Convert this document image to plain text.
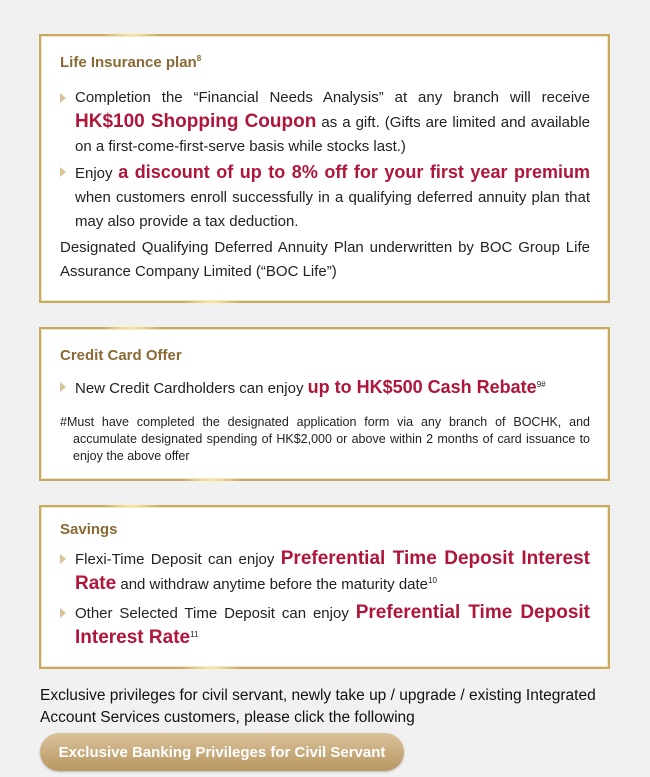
Life Insurance plan$^8$
Completion the “Financial Needs Analysis” at any branch will receive HK$100 Shopping Coupon as a gift. (Gifts are limited and available on a first-come-first-serve basis while stocks last.)
Enjoy a discount of up to 8% off for your first year premium when customers enroll successfully in a qualifying deferred annuity plan that may also provide a tax deduction.
Designated Qualifying Deferred Annuity Plan underwritten by BOC Group Life Assurance Company Limited (“BOC Life”)
Credit Card Offer
New Credit Cardholders can enjoy up to HK$500 Cash Rebate$^{9\#}$
#Must have completed the designated application form via any branch of BOCHK, and accumulate designated spending of HK$2,000 or above within 2 months of card issuance to enjoy the above offer
Savings
Flexi-Time Deposit can enjoy Preferential Time Deposit Interest Rate and withdraw anytime before the maturity date$^{10}$
Other Selected Time Deposit can enjoy Preferential Time Deposit Interest Rate$^{11}$
Exclusive privileges for civil servant, newly take up / upgrade / existing Integrated Account Services customers, please click the following
Exclusive Banking Privileges for Civil Servant
